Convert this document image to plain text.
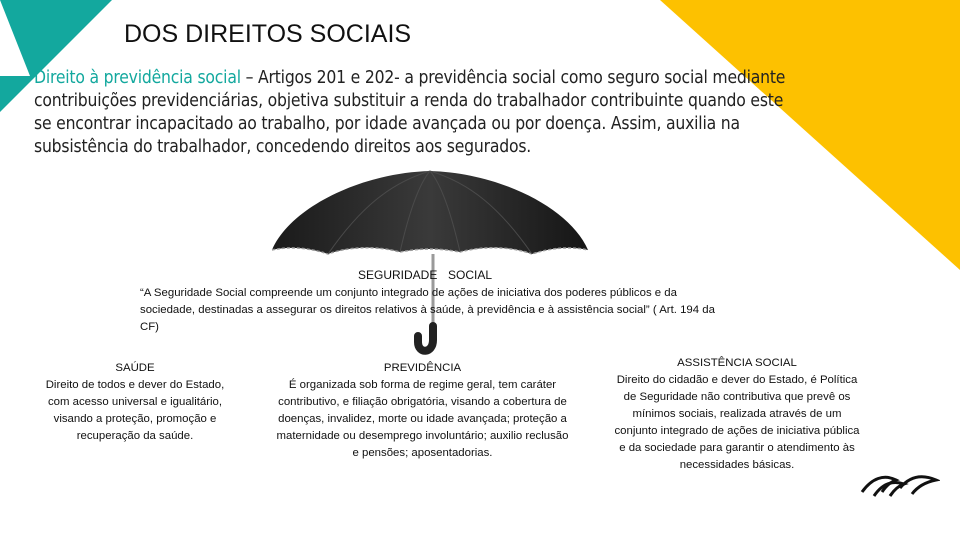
DOS DIREITOS SOCIAIS
Direito à previdência social – Artigos 201 e 202- a previdência social como seguro social mediante contribuições previdenciárias, objetiva substituir a renda do trabalhador contribuinte quando este se encontrar incapacitado ao trabalho, por idade avançada ou por doença. Assim, auxilia na subsistência do trabalhador, concedendo direitos aos segurados.
SEGURIDADE SOCIAL
“A Seguridade Social compreende um conjunto integrado de ações de iniciativa dos poderes públicos e da sociedade, destinadas a assegurar os direitos relativos à saúde, à previdência e à assistência social” ( Art. 194 da CF)
SAÚDE
Direito de todos e dever do Estado, com acesso universal e igualitário, visando a proteção, promoção e recuperação da saúde.
PREVIDÊNCIA
É organizada sob forma de regime geral, tem caráter contributivo, e filiação obrigatória, visando a cobertura de doenças, invalidez, morte ou idade avançada; proteção a maternidade ou desemprego involuntário; auxilio reclusão e pensões; aposentadorias.
ASSISTÊNCIA SOCIAL
Direito do cidadão e dever do Estado, é Política de Seguridade não contributiva que prevê os mínimos sociais, realizada através de um conjunto integrado de ações de iniciativa pública e da sociedade para garantir o atendimento às necessidades básicas.
